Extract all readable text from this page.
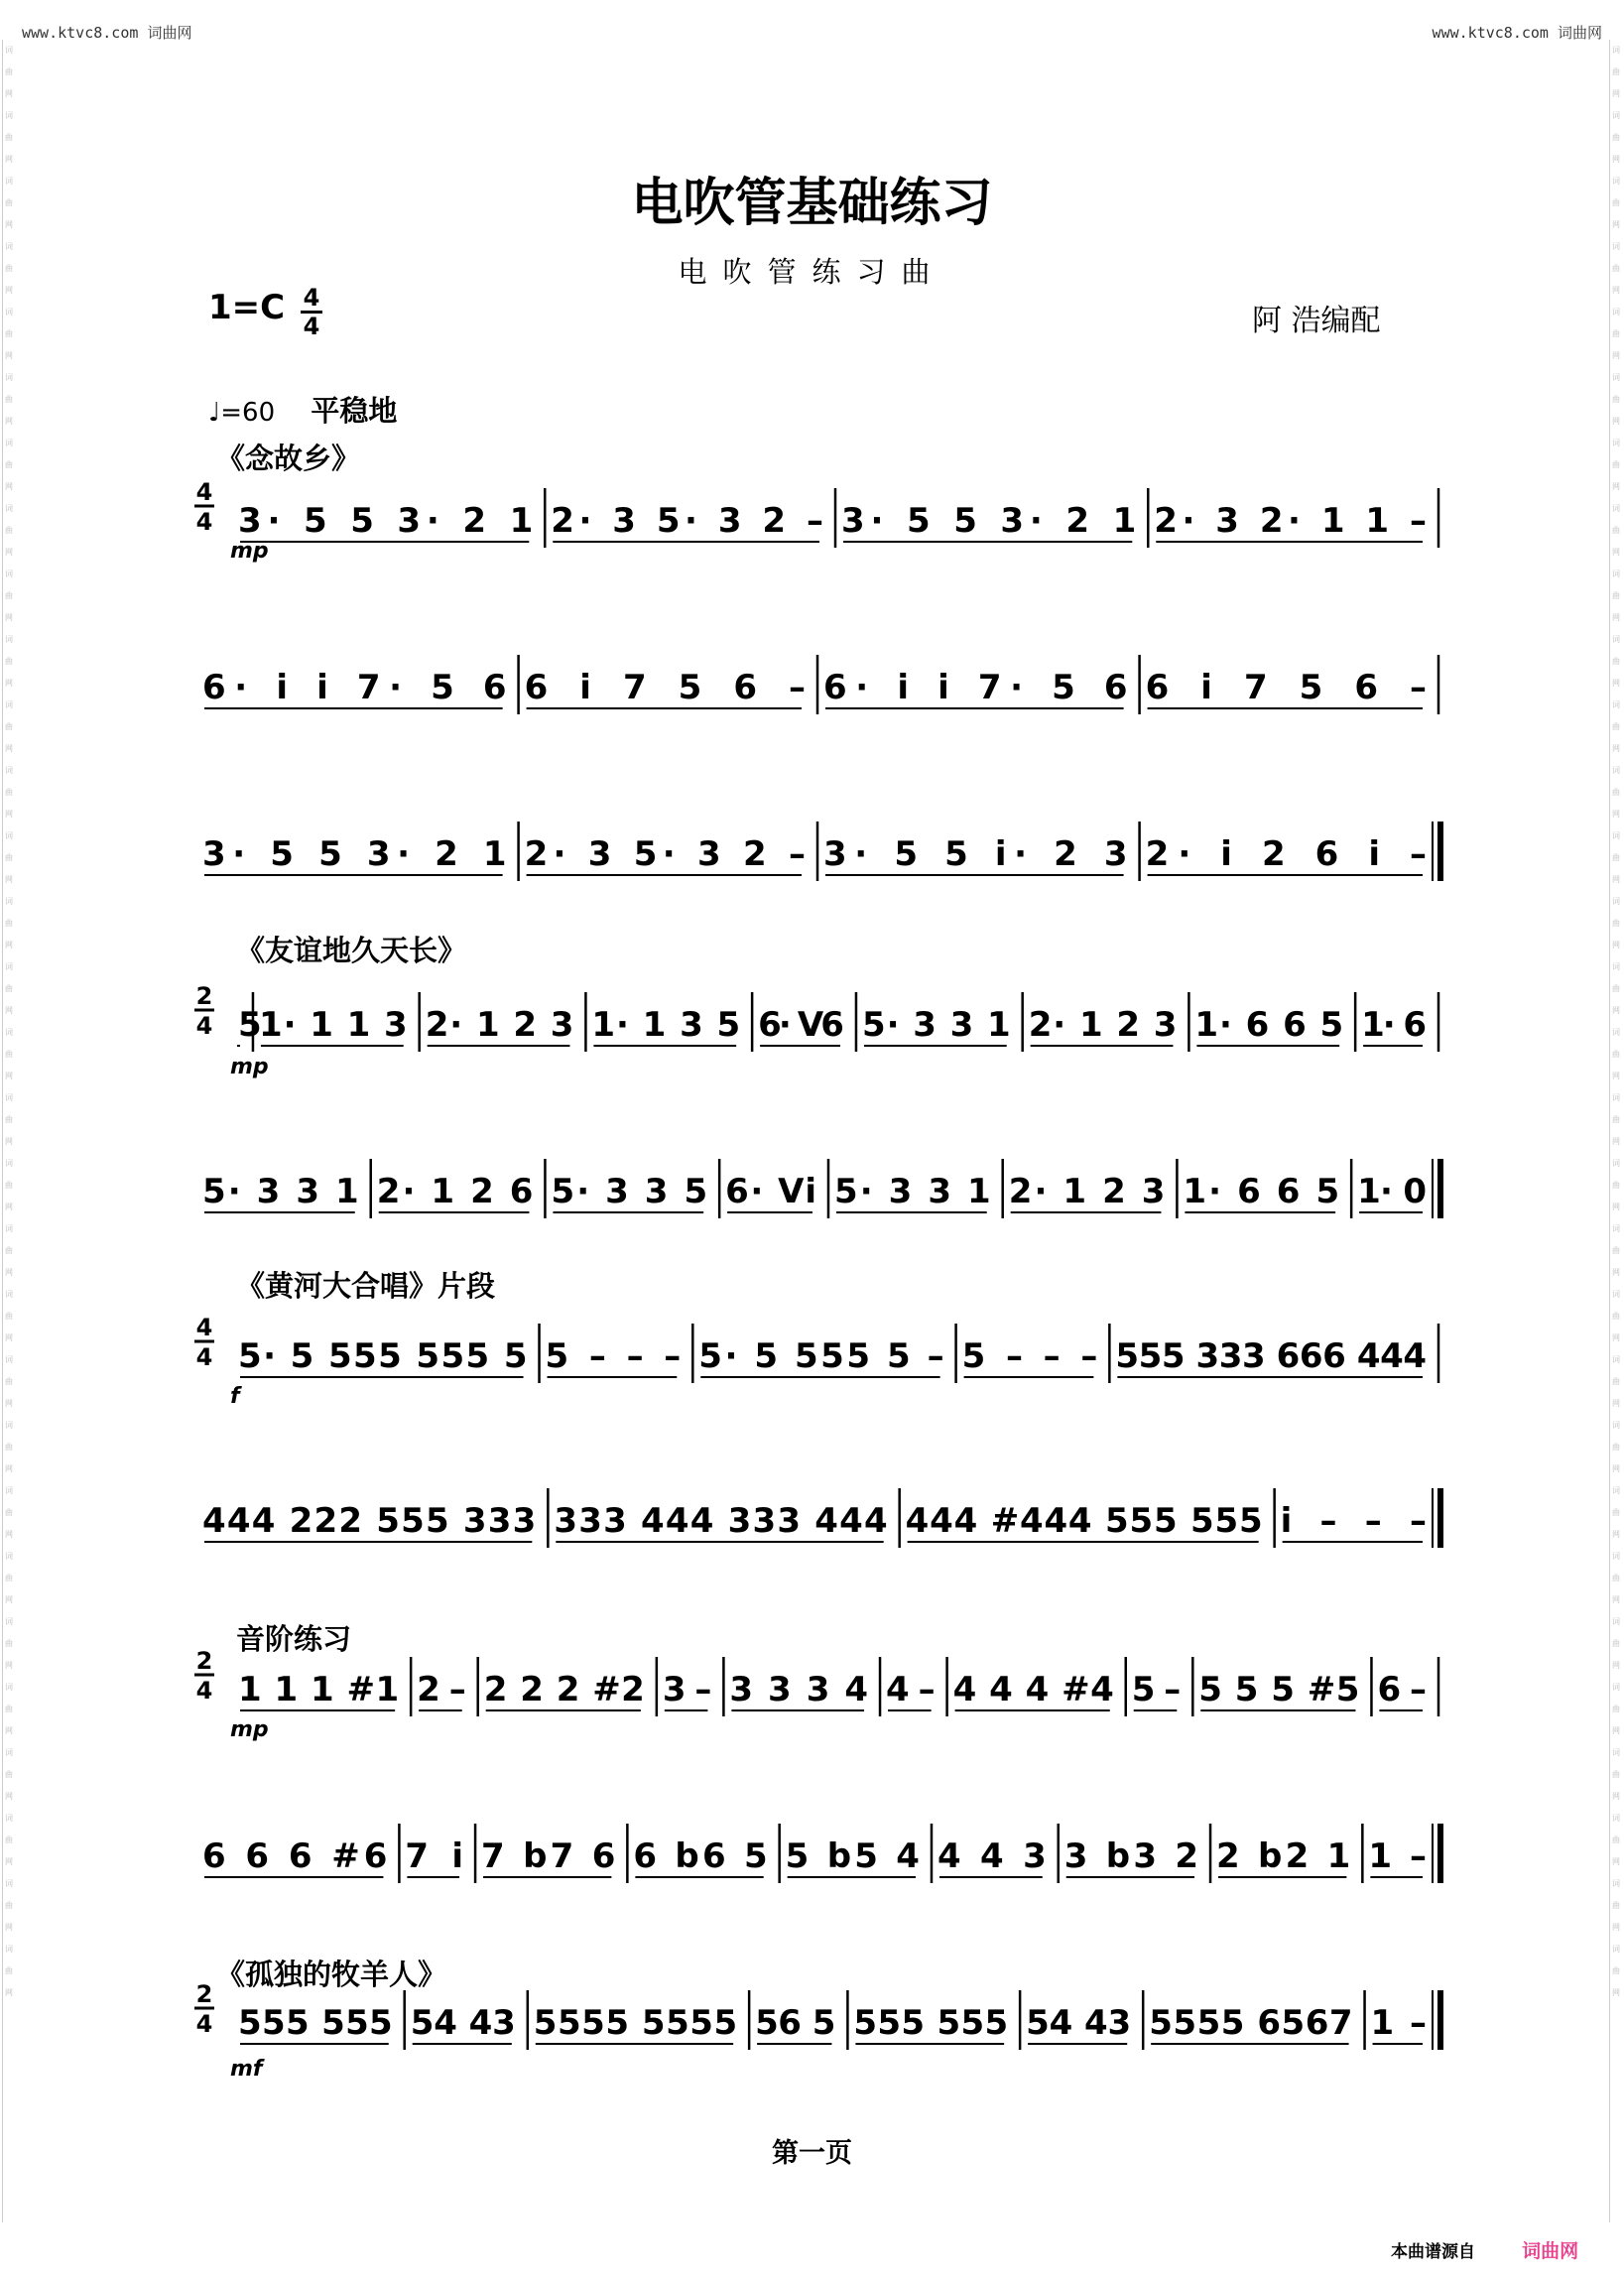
www.ktvc8.com 词曲网	www.ktvc8.com 词曲网
词
曲
网
词
曲
网
词
曲
网
词
曲
网
词
曲
网
词
曲
网
词
曲
网
词
曲
网
词
曲
网
词
曲
网
词
曲
网
词
曲
网
词
曲
网
词
曲
网
词
曲
网
词
曲
网
词
曲
网
词
曲
网
词
曲
网
词
曲
网
词
曲
网
词
曲
网
词
曲
网
词
曲
网
词
曲
网
词
曲
网
词
曲
网
词
曲
网
词
曲
网
词
曲
网
词
曲
网
词
曲
网
词
曲
网
词
曲
网
词
曲
网
词
曲
网
词
曲
网
词
曲
网
词
曲
网
词
曲
网
词
曲
网
词
曲
网
词
曲
网
词
曲
网
词
曲
网
词
曲
网
词
曲
网
词
曲
网
词
曲
网
词
曲
网
词
曲
网
词
曲
网
词
曲
网
词
曲
网
词
曲
网
词
曲
网
词
曲
网
词
曲
网
词
曲
网
词
曲
网
电吹管基础练习
电吹管练习曲
1=C 4
4	阿 浩编配
♩=60 平稳地
《念故乡》
《友谊地久天长》
《黄河大合唱》片段
音阶练习
《孤独的牧羊人》
4
4
mp
3· 5 5 3· 2 1 2· 3 5· 3 2 – 3· 5 5 3· 2 1 2· 3 2· 1 1 –
6· i i 7· 5 6 6 i 7 5 6 – 6· i i 7· 5 6 6 i 7 5 6 –
3· 5 5 3· 2 1 2· 3 5· 3 2 – 3· 5 5 i· 2 3 2· i 2 6 i –
2
4
mp
5
1· 1 1 3 2· 1 2 3 1· 1 3 5 6· V6 5· 3 3 1 2· 1 2 3 1· 6 6 5 1· 6
5· 3 3 1 2· 1 2 6 5· 3 3 5 6· Vi 5· 3 3 1 2· 1 2 3 1· 6 6 5 1· 0
4
4
f
5· 5 555 555 5 5 – – – 5· 5 555 5 – 5 – – – 555 333 666 444
444 222 555 333 333 444 333 444 444 #444 555 555 i – – –
2
4
mp
1 1 1 #1 2 – 2 2 2 #2 3 – 3 3 3 4 4 – 4 4 4 #4 5 – 5 5 5 #5 6 –
6 6 6 #6 7 i 7 b7 6 6 b6 5 5 b5 4 4 4 3 3 b3 2 2 b2 1 1 –
2
4
mf
555 555 54 43 5555 5555 56 5 555 555 54 43 5555 6567 1 –
第一页
本曲谱源自 词曲网
